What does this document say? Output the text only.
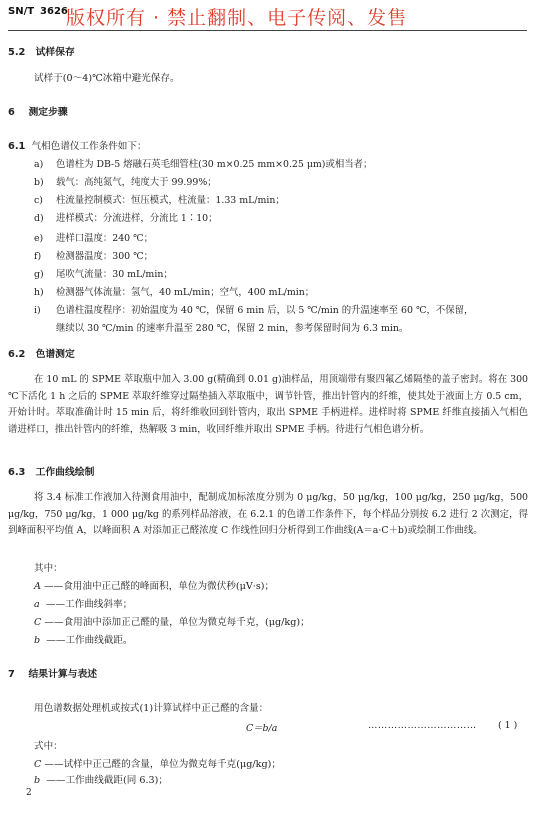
SN/T 3626
版权所有 · 禁止翻制、电子传阅、发售
5.2 试样保存
试样于(0～4)℃冰箱中避光保存。
6 测定步骤
6.1 气相色谱仪工作条件如下：
a) 色谱柱为 DB-5 熔融石英毛细管柱(30 m×0.25 mm×0.25 μm)或相当者；
b) 载气：高纯氮气，纯度大于 99.99%；
c) 柱流量控制模式：恒压模式，柱流量：1.33 mL/min；
d) 进样模式：分流进样，分流比 1∶10；
e) 进样口温度：240 ℃；
f) 检测器温度：300 ℃；
g) 尾吹气流量：30 mL/min；
h) 检测器气体流量：氢气，40 mL/min；空气，400 mL/min；
i) 色谱柱温度程序：初始温度为 40 ℃，保留 6 min 后，以 5 ℃/min 的升温速率至 60 ℃，不保留，
继续以 30 ℃/min 的速率升温至 280 ℃，保留 2 min，参考保留时间为 6.3 min。
6.2 色谱测定
在 10 mL 的 SPME 萃取瓶中加入 3.00 g(精确到 0.01 g)油样品，用顶端带有聚四氟乙烯隔垫的盖子密封。将在 300 ℃下活化 1 h 之后的 SPME 萃取纤维穿过隔垫插入萃取瓶中，调节针管，推出针管内的纤维，使其处于液面上方 0.5 cm，开始计时。萃取准确计时 15 min 后，将纤维收回到针管内，取出 SPME 手柄进样。进样时将 SPME 纤维直接插入气相色谱进样口，推出针管内的纤维，热解吸 3 min，收回纤维并取出 SPME 手柄。待进行气相色谱分析。
6.3 工作曲线绘制
将 3.4 标准工作液加入待测食用油中，配制成加标浓度分别为 0 μg/kg，50 μg/kg，100 μg/kg，250 μg/kg，500 μg/kg，750 μg/kg，1 000 μg/kg 的系列样品溶液，在 6.2.1 的色谱工作条件下，每个样品分别按 6.2 进行 2 次测定，得到峰面积平均值 A，以峰面积 A 对添加正己醛浓度 C 作线性回归分析得到工作曲线(A＝a·C＋b)或绘制工作曲线。
其中：
A ——食用油中正己醛的峰面积，单位为微伏秒(μV·s)；
a ——工作曲线斜率；
C ——食用油中添加正己醛的量，单位为微克每千克，(μg/kg)；
b ——工作曲线截距。
7 结果计算与表述
用色谱数据处理机或按式(1)计算试样中正己醛的含量：
C＝b/a	…………………………… ( 1 )
式中：
C ——试样中正己醛的含量，单位为微克每千克(μg/kg)；
b ——工作曲线截距(同 6.3)；
2
